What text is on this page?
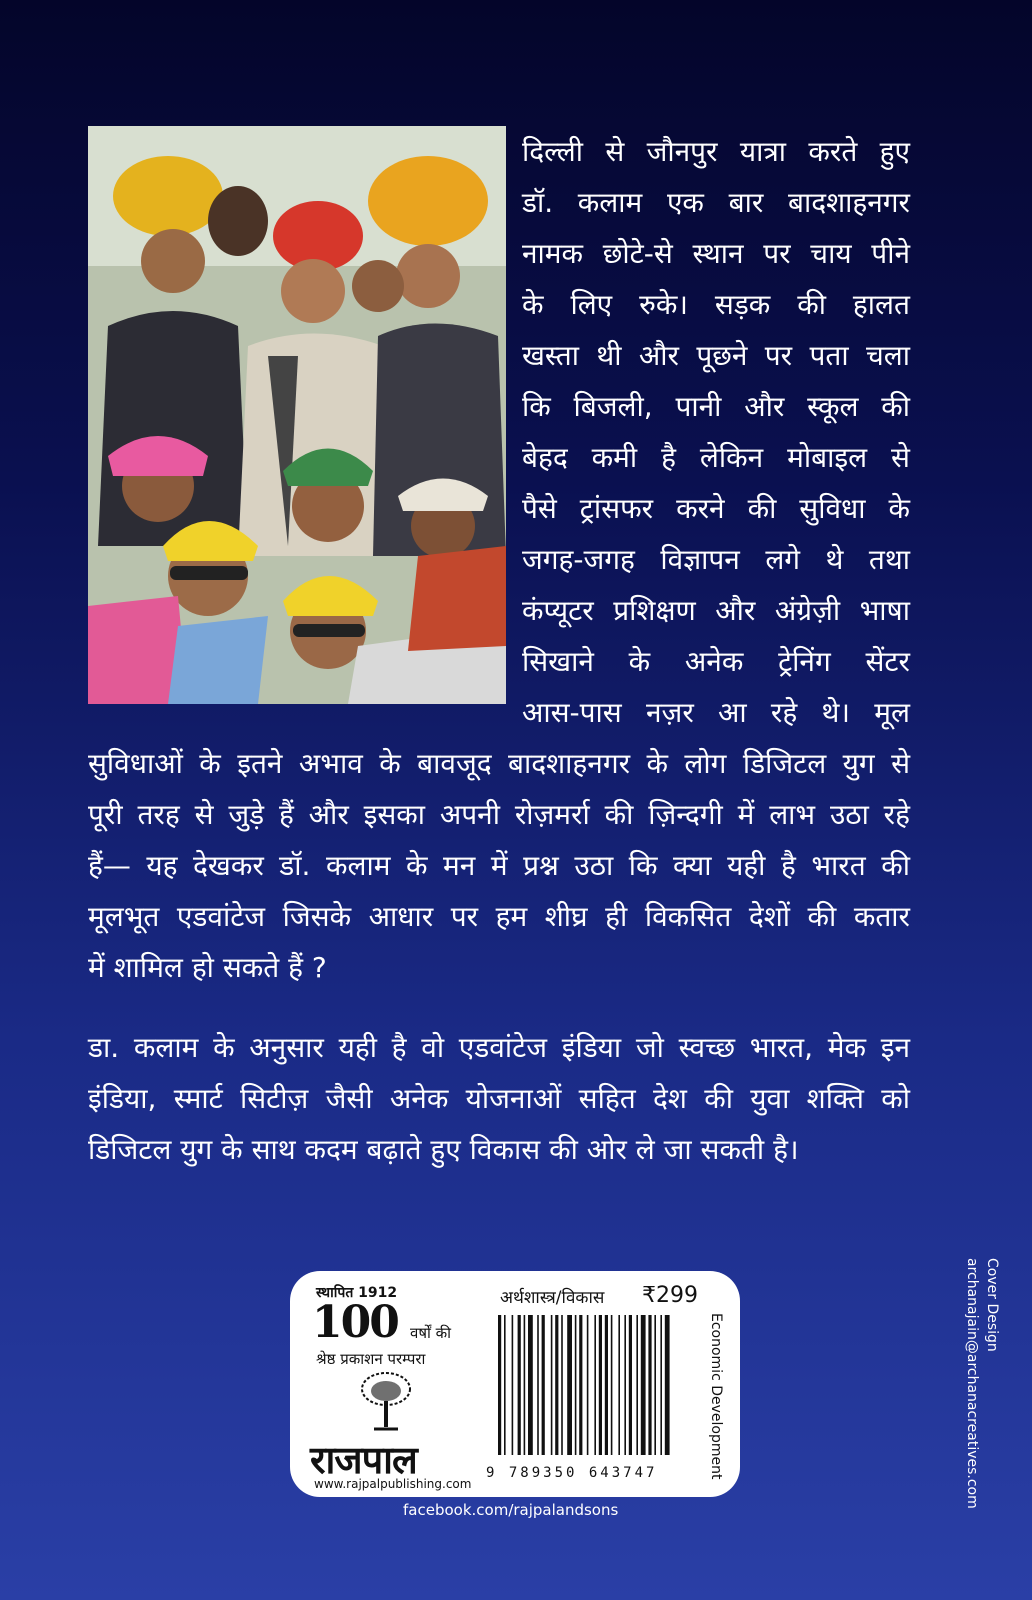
दिल्ली से जौनपुर यात्रा करते हुए
डॉ. कलाम एक बार बादशाहनगर
नामक छोटे-से स्थान पर चाय पीने
के लिए रुके। सड़क की हालत
खस्ता थी और पूछने पर पता चला
कि बिजली, पानी और स्कूल की
बेहद कमी है लेकिन मोबाइल से
पैसे ट्रांसफर करने की सुविधा के
जगह-जगह विज्ञापन लगे थे तथा
कंप्यूटर प्रशिक्षण और अंग्रेज़ी भाषा
सिखाने के अनेक ट्रेनिंग सेंटर
आस-पास नज़र आ रहे थे। मूल
सुविधाओं के इतने अभाव के बावजूद बादशाहनगर के लोग डिजिटल युग से
पूरी तरह से जुड़े हैं और इसका अपनी रोज़मर्रा की ज़िन्दगी में लाभ उठा रहे
हैं— यह देखकर डॉ. कलाम के मन में प्रश्न उठा कि क्या यही है भारत की
मूलभूत एडवांटेज जिसके आधार पर हम शीघ्र ही विकसित देशों की कतार
में शामिल हो सकते हैं ?
डा. कलाम के अनुसार यही है वो एडवांटेज इंडिया जो स्वच्छ भारत, मेक इन
इंडिया, स्मार्ट सिटीज़ जैसी अनेक योजनाओं सहित देश की युवा शक्ति को
डिजिटल युग के साथ कदम बढ़ाते हुए विकास की ओर ले जा सकती है।
स्थापित 1912
100 वर्षों की
श्रेष्ठ प्रकाशन परम्परा
राजपाल
www.rajpalpublishing.com
अर्थशास्त्र/विकास ₹299
9 789350 643747	Economic Development
facebook.com/rajpalandsons
Cover Design
archanajain@archanacreatives.com
